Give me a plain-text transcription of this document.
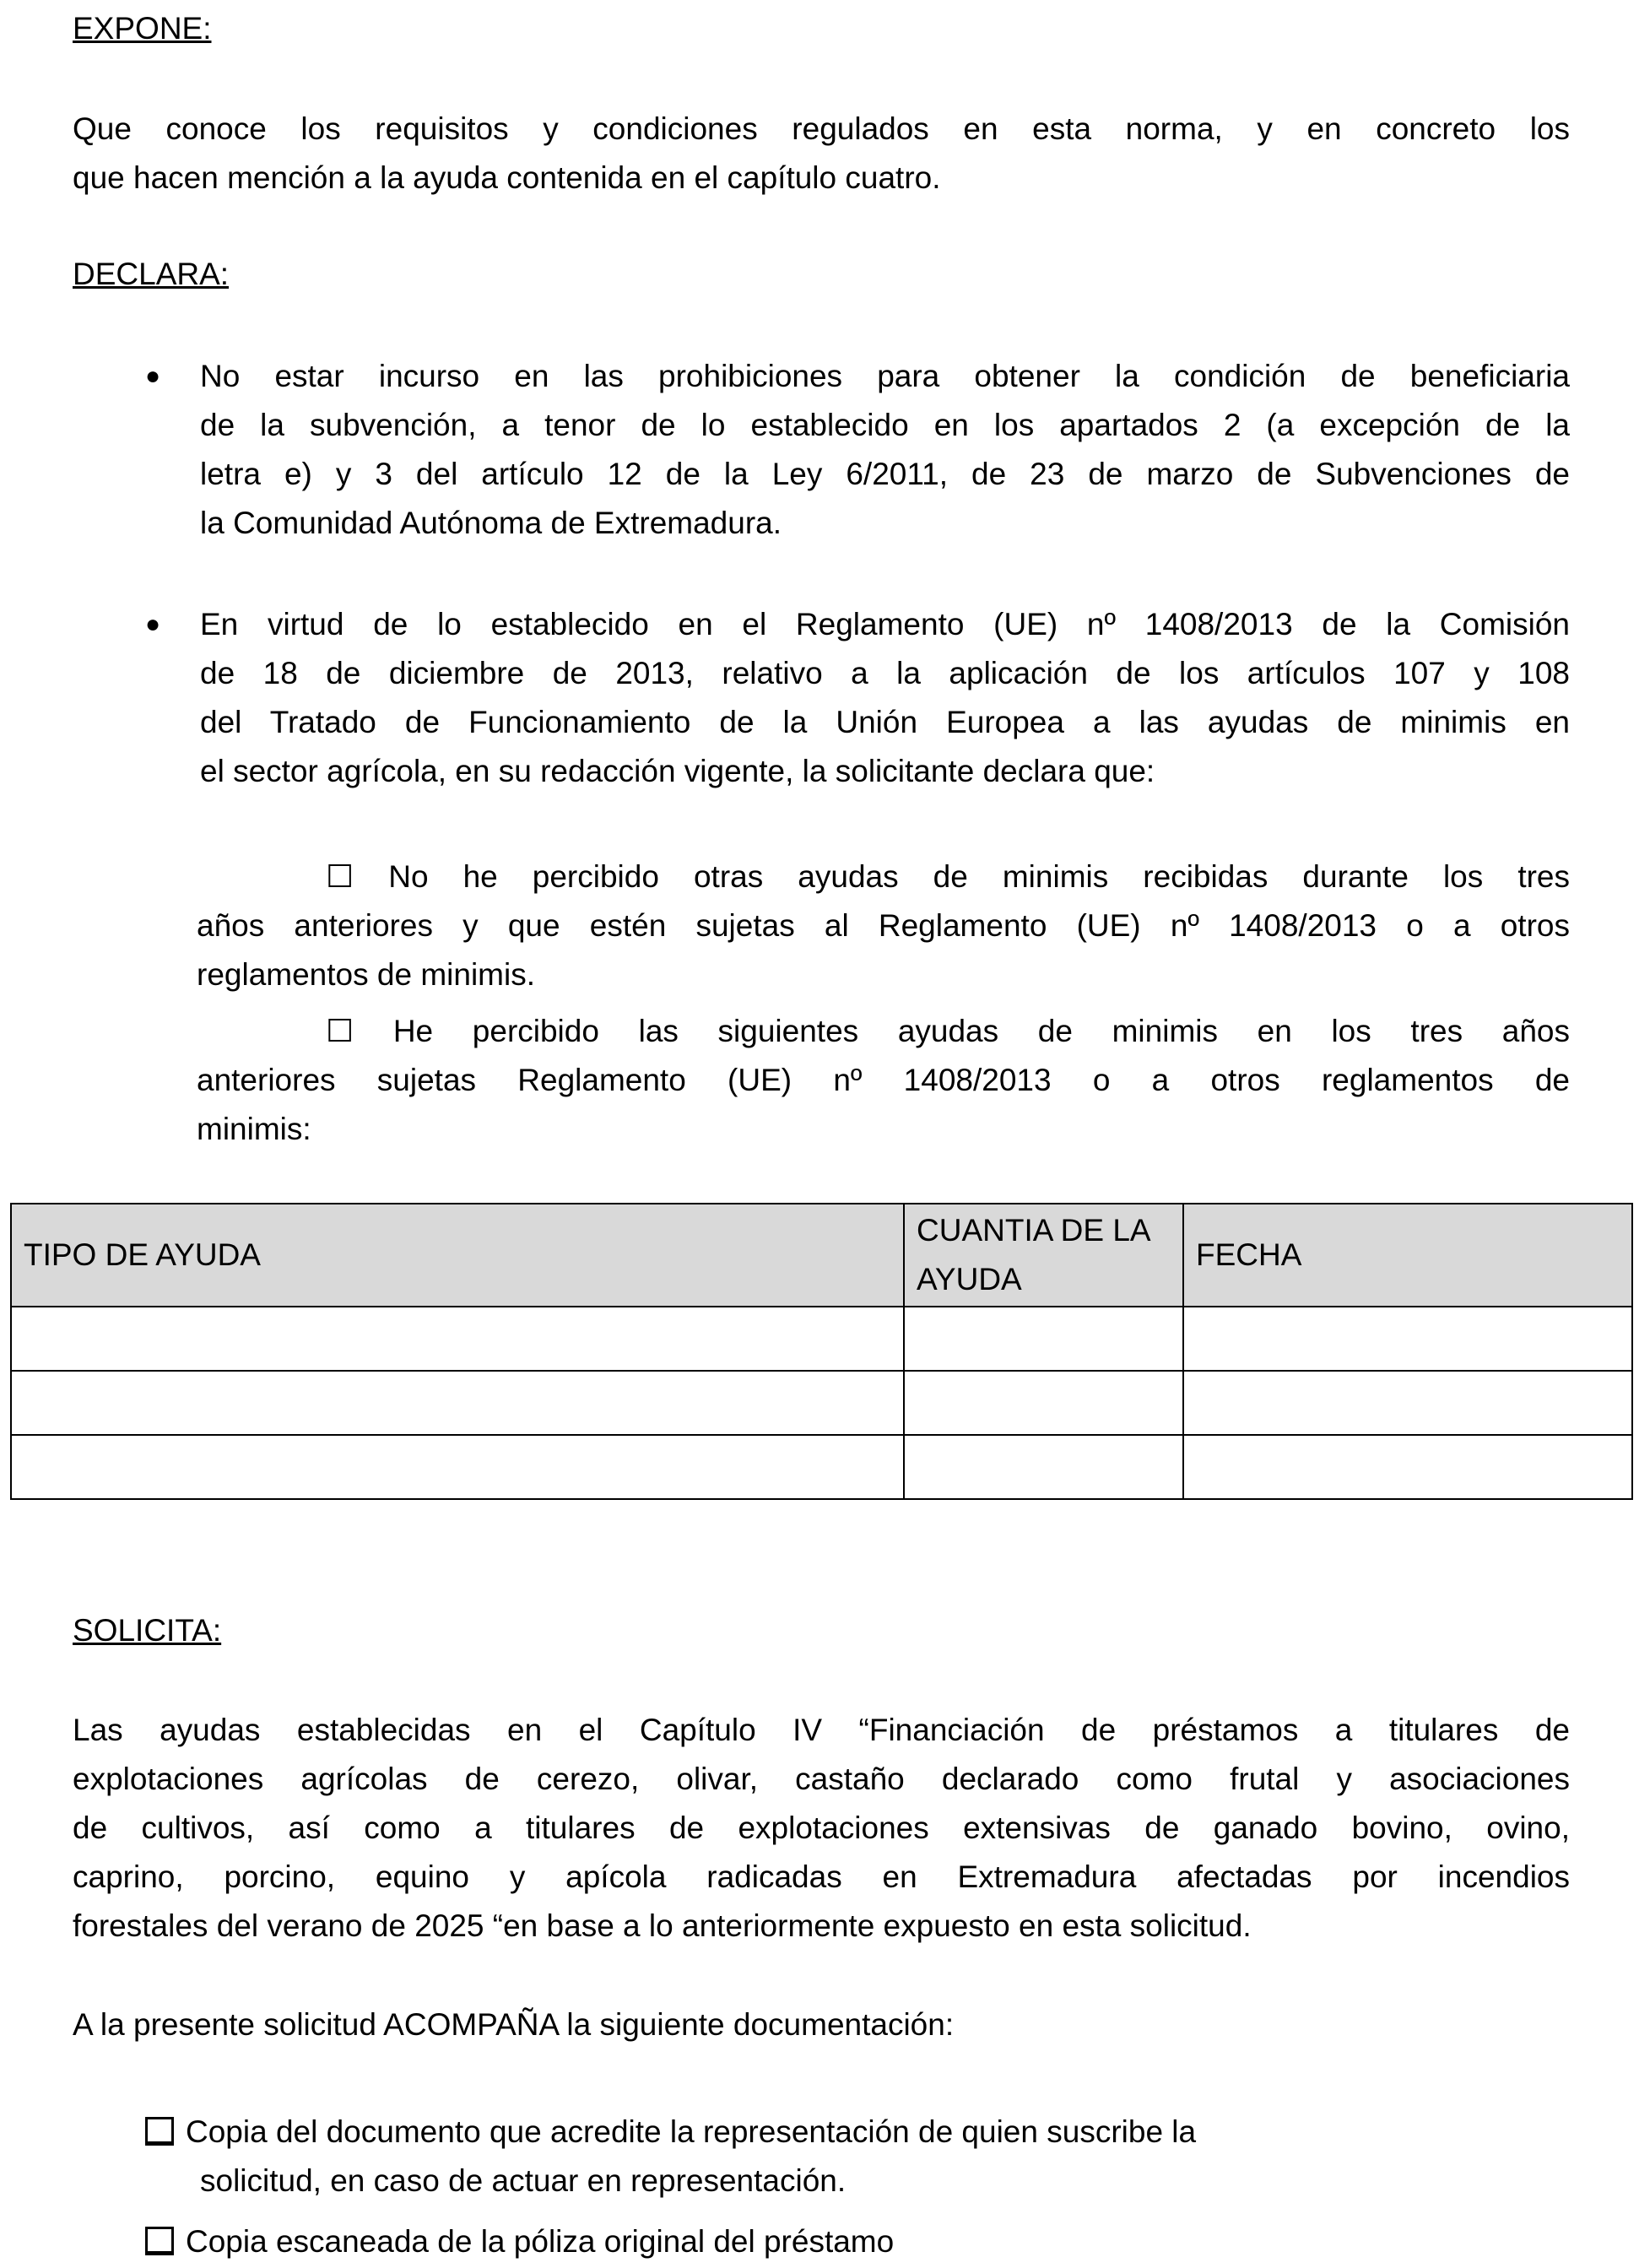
EXPONE:
Que conoce los requisitos y condiciones regulados en esta norma, y en concreto los
que hacen mención a la ayuda contenida en el capítulo cuatro.
DECLARA:
● No estar incurso en las prohibiciones para obtener la condición de beneficiaria
de la subvención, a tenor de lo establecido en los apartados 2 (a excepción de la
letra e) y 3 del artículo 12 de la Ley 6/2011, de 23 de marzo de Subvenciones de
la Comunidad Autónoma de Extremadura.
● En virtud de lo establecido en el Reglamento (UE) nº 1408/2013 de la Comisión
de 18 de diciembre de 2013, relativo a la aplicación de los artículos 107 y 108
del Tratado de Funcionamiento de la Unión Europea a las ayudas de minimis en
el sector agrícola, en su redacción vigente, la solicitante declara que:
☐ No he percibido otras ayudas de minimis recibidas durante los tres
años anteriores y que estén sujetas al Reglamento (UE) nº 1408/2013 o a otros
reglamentos de minimis.
☐ He percibido las siguientes ayudas de minimis en los tres años
anteriores sujetas Reglamento (UE) nº 1408/2013 o a otros reglamentos de
minimis:
TIPO DE AYUDA	CUANTIA DE LA AYUDA	FECHA

SOLICITA:
Las ayudas establecidas en el Capítulo IV “Financiación de préstamos a titulares de
explotaciones agrícolas de cerezo, olivar, castaño declarado como frutal y asociaciones
de cultivos, así como a titulares de explotaciones extensivas de ganado bovino, ovino,
caprino, porcino, equino y apícola radicadas en Extremadura afectadas por incendios
forestales del verano de 2025 “en base a lo anteriormente expuesto en esta solicitud.
A la presente solicitud ACOMPAÑA la siguiente documentación:
Copia del documento que acredite la representación de quien suscribe la
solicitud, en caso de actuar en representación.
Copia escaneada de la póliza original del préstamo
